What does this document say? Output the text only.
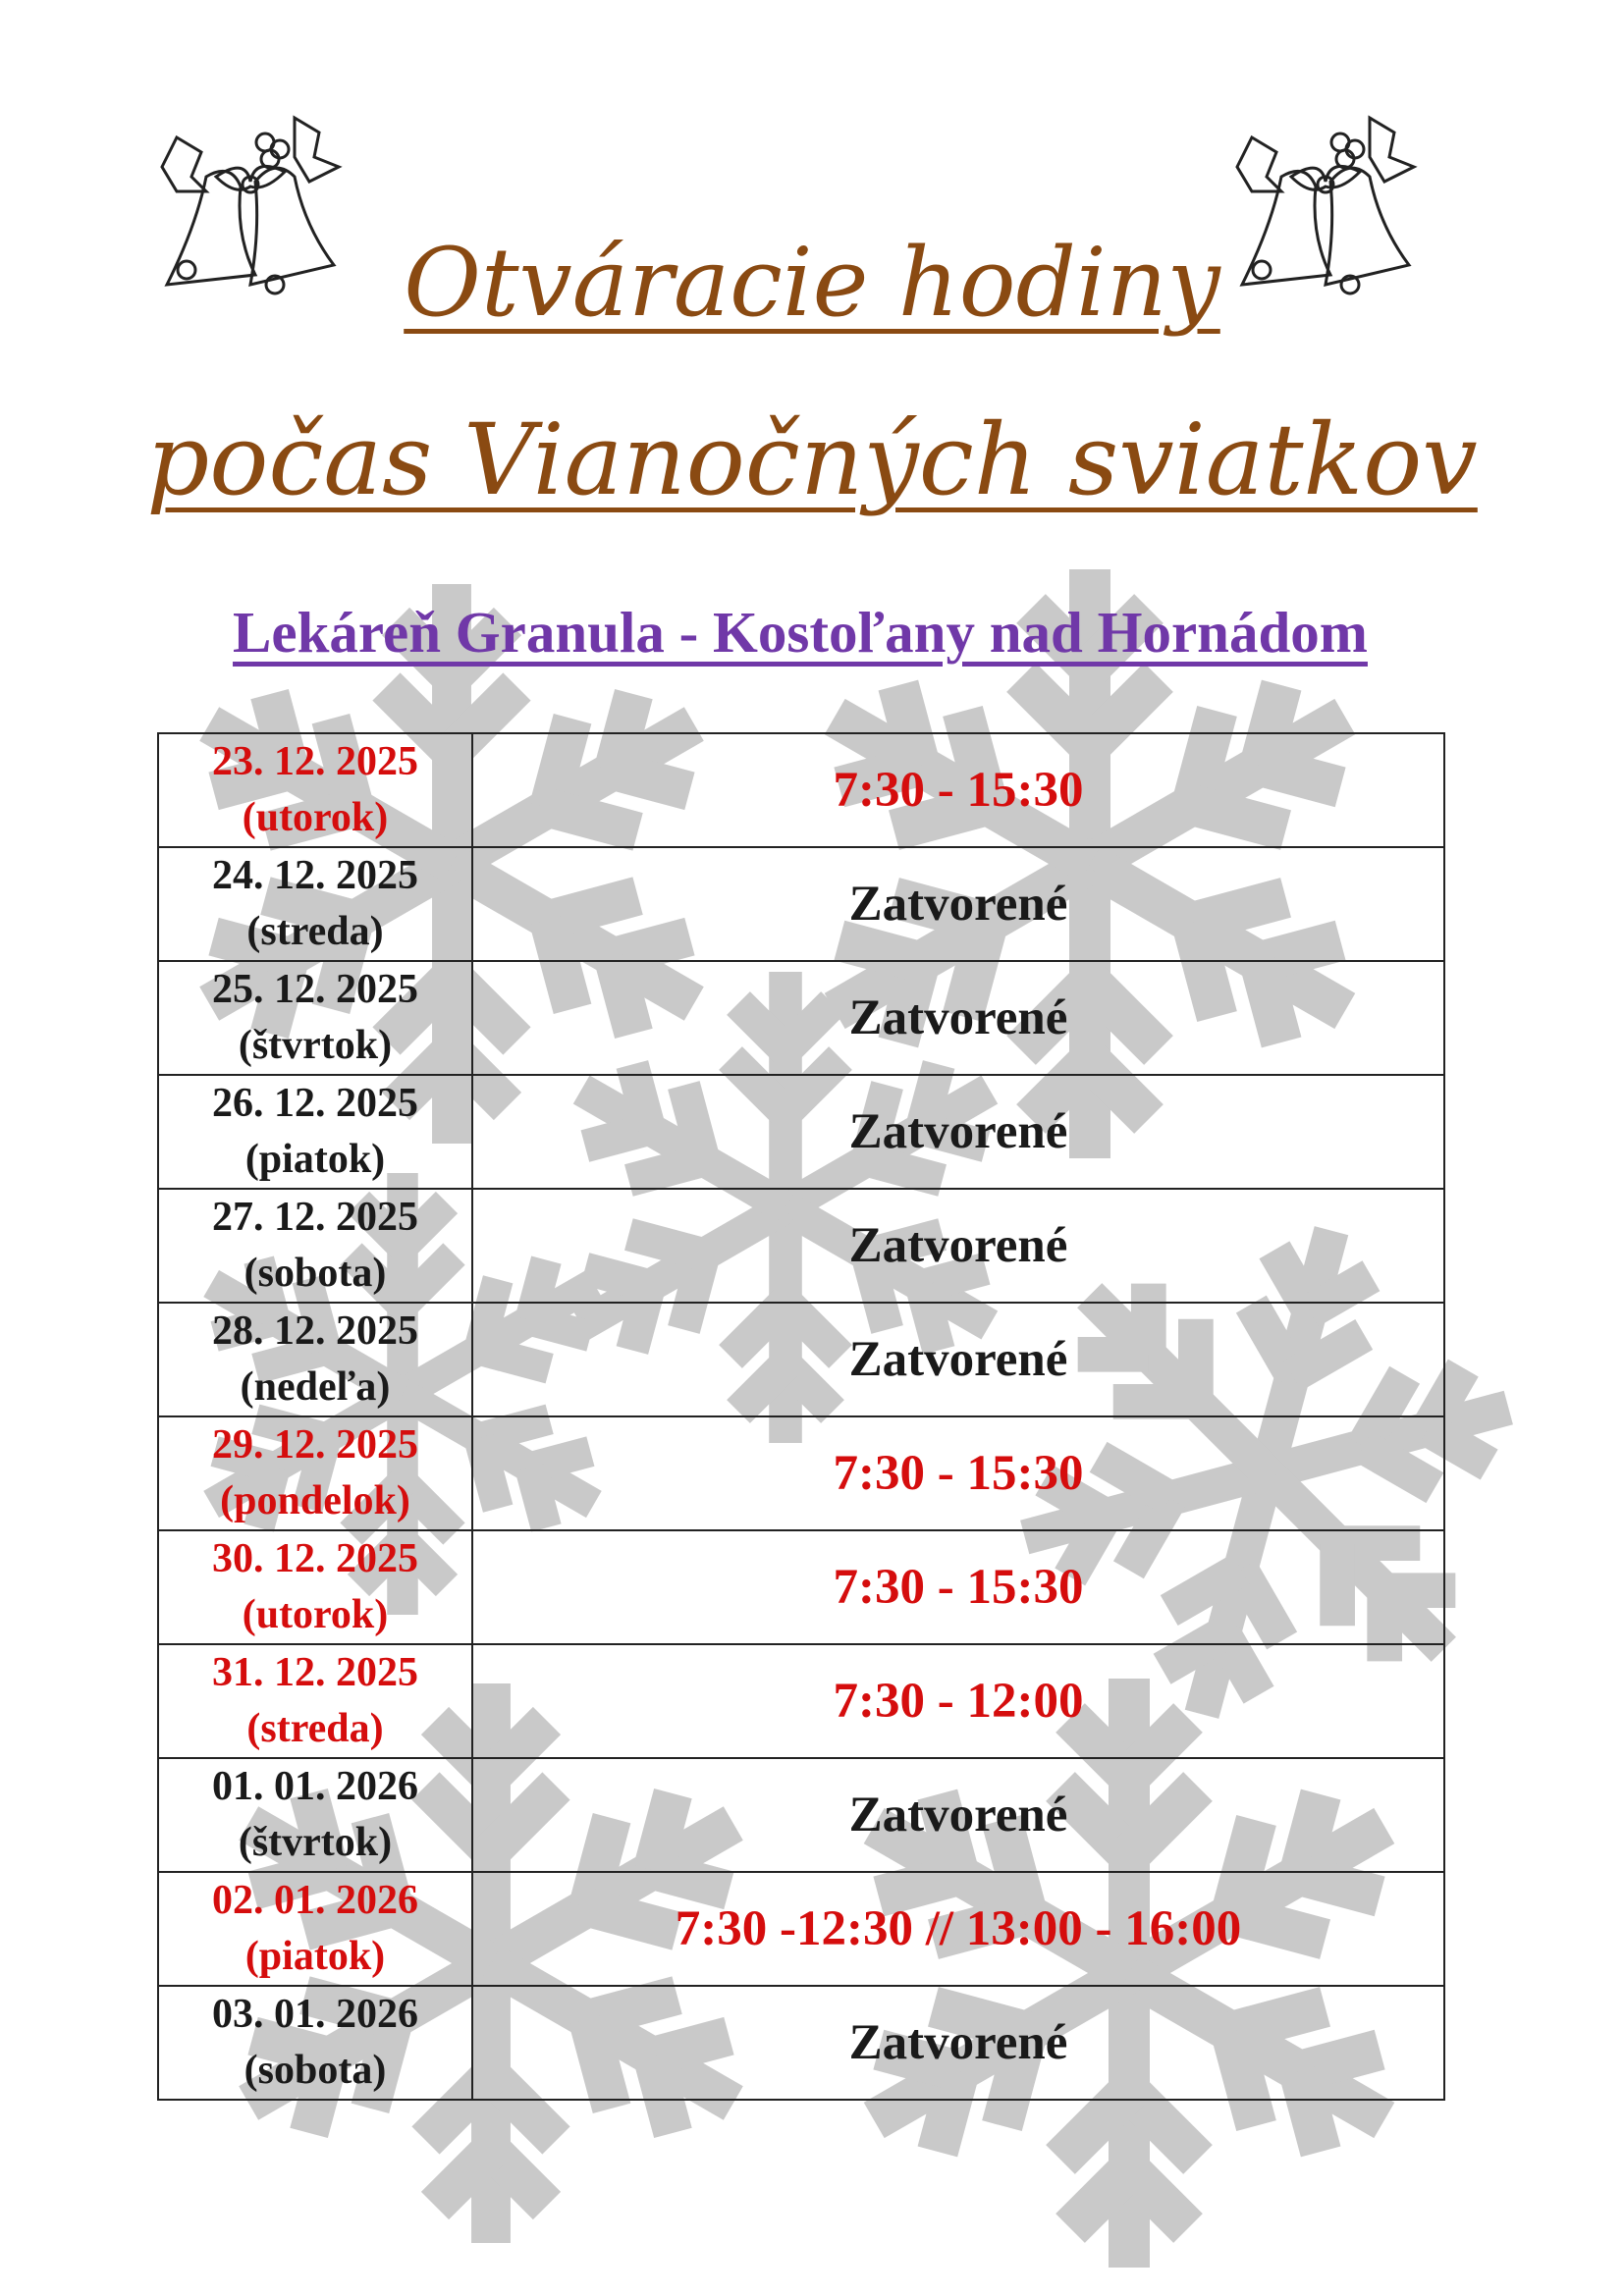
Otváracie hodiny
počas Vianočných sviatkov
Lekáreň Granula - Kostoľany nad Hornádom
23. 12. 2025
(utorok)	7:30 - 15:30

24. 12. 2025
(streda)	Zatvorené

25. 12. 2025
(štvrtok)	Zatvorené

26. 12. 2025
(piatok)	Zatvorené

27. 12. 2025
(sobota)	Zatvorené

28. 12. 2025
(nedeľa)	Zatvorené

29. 12. 2025
(pondelok)	7:30 - 15:30

30. 12. 2025
(utorok)	7:30 - 15:30

31. 12. 2025
(streda)	7:30 - 12:00

01. 01. 2026
(štvrtok)	Zatvorené

02. 01. 2026
(piatok)	7:30 -12:30 // 13:00 - 16:00

03. 01. 2026
(sobota)	Zatvorené
